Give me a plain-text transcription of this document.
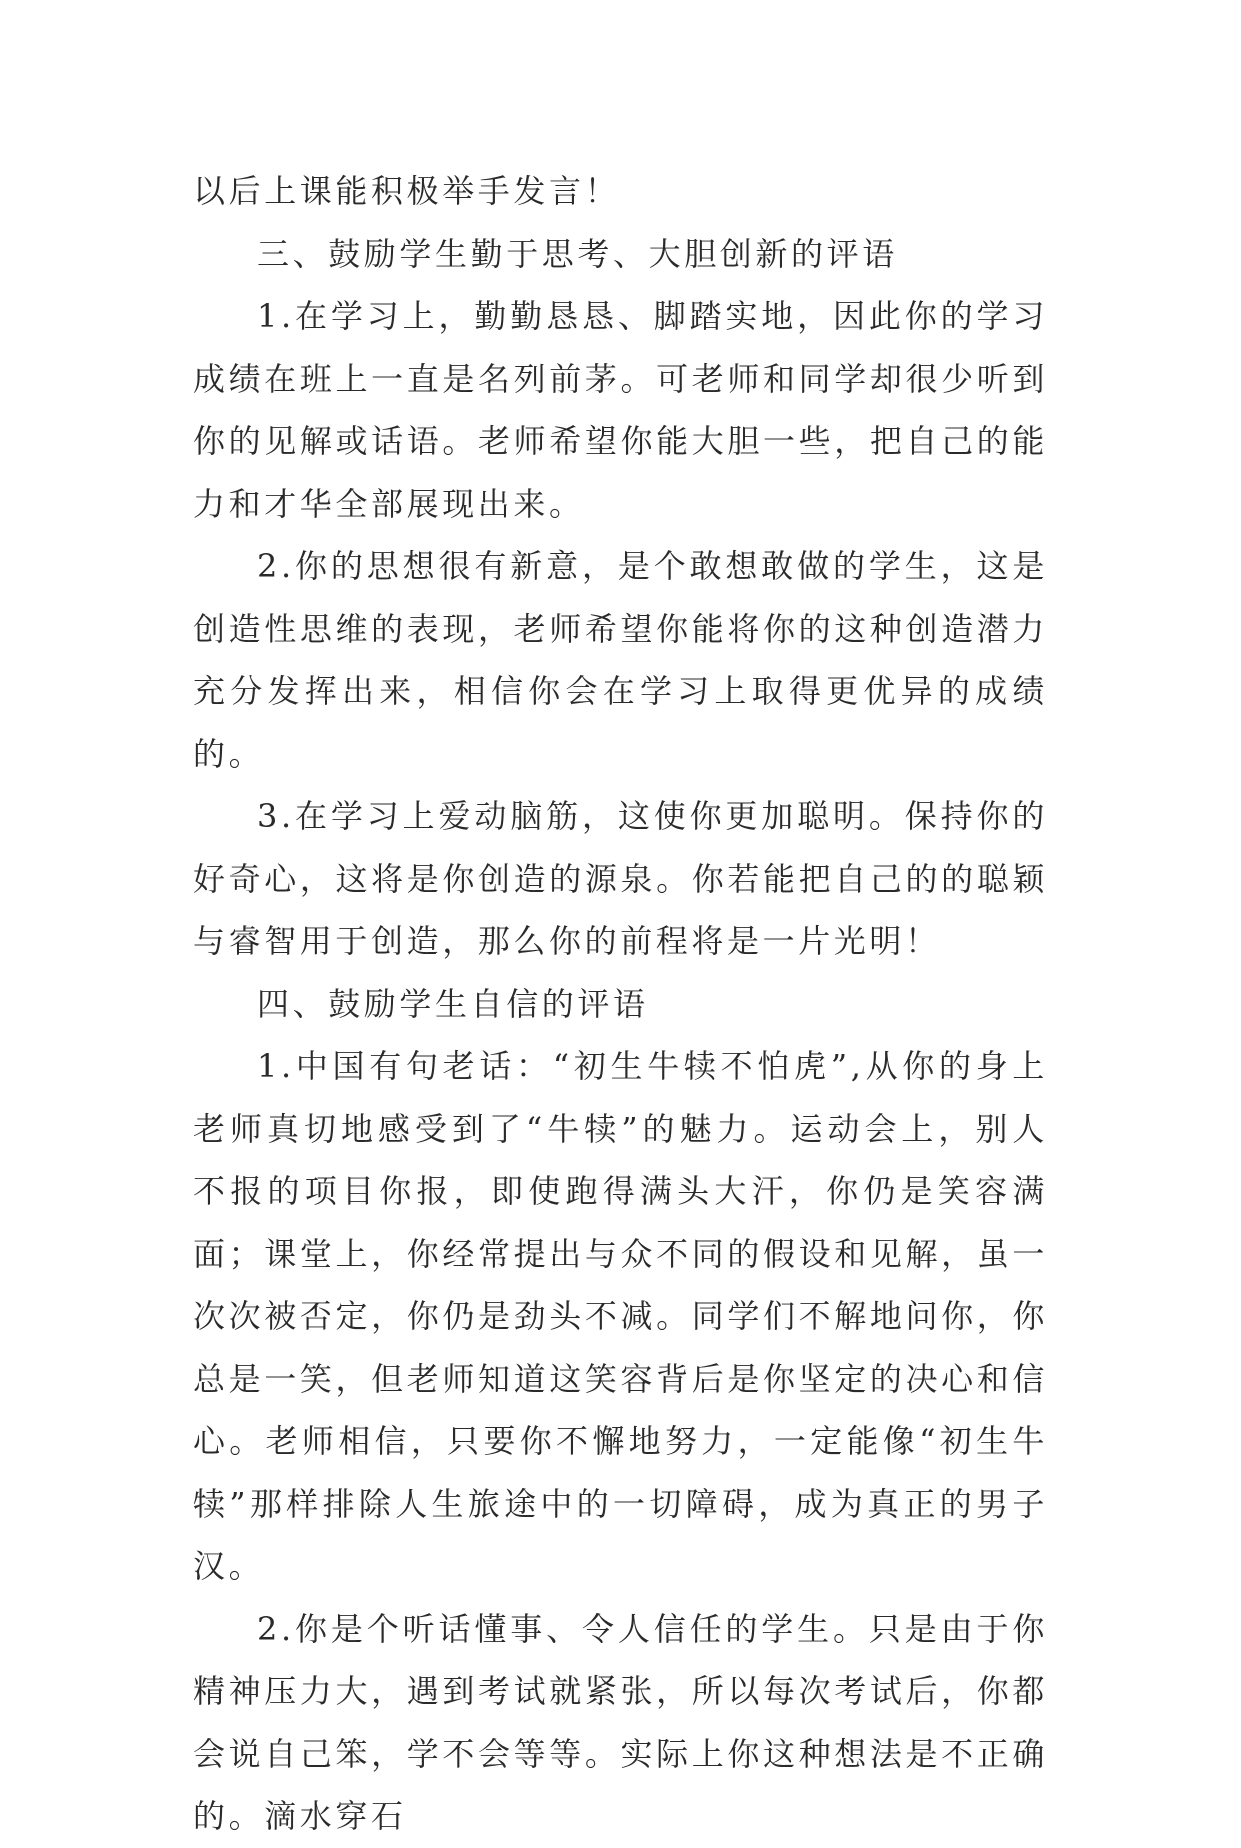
以后上课能积极举手发言！

三、鼓励学生勤于思考、大胆创新的评语

1.在学习上，勤勤恳恳、脚踏实地，因此你的学习成绩在班上一直是名列前茅。可老师和同学却很少听到你的见解或话语。老师希望你能大胆一些，把自己的能力和才华全部展现出来。

2.你的思想很有新意，是个敢想敢做的学生，这是创造性思维的表现，老师希望你能将你的这种创造潜力充分发挥出来，相信你会在学习上取得更优异的成绩的。

3.在学习上爱动脑筋，这使你更加聪明。保持你的好奇心，这将是你创造的源泉。你若能把自己的的聪颖与睿智用于创造，那么你的前程将是一片光明！

四、鼓励学生自信的评语

1.中国有句老话：“初生牛犊不怕虎”,从你的身上老师真切地感受到了“牛犊”的魅力。运动会上，别人不报的项目你报，即使跑得满头大汗，你仍是笑容满面；课堂上，你经常提出与众不同的假设和见解，虽一次次被否定，你仍是劲头不减。同学们不解地问你，你总是一笑，但老师知道这笑容背后是你坚定的决心和信心。老师相信，只要你不懈地努力，一定能像“初生牛犊”那样排除人生旅途中的一切障碍，成为真正的男子汉。

2.你是个听话懂事、令人信任的学生。只是由于你精神压力大，遇到考试就紧张，所以每次考试后，你都会说自己笨，学不会等等。实际上你这种想法是不正确的。滴水穿石
